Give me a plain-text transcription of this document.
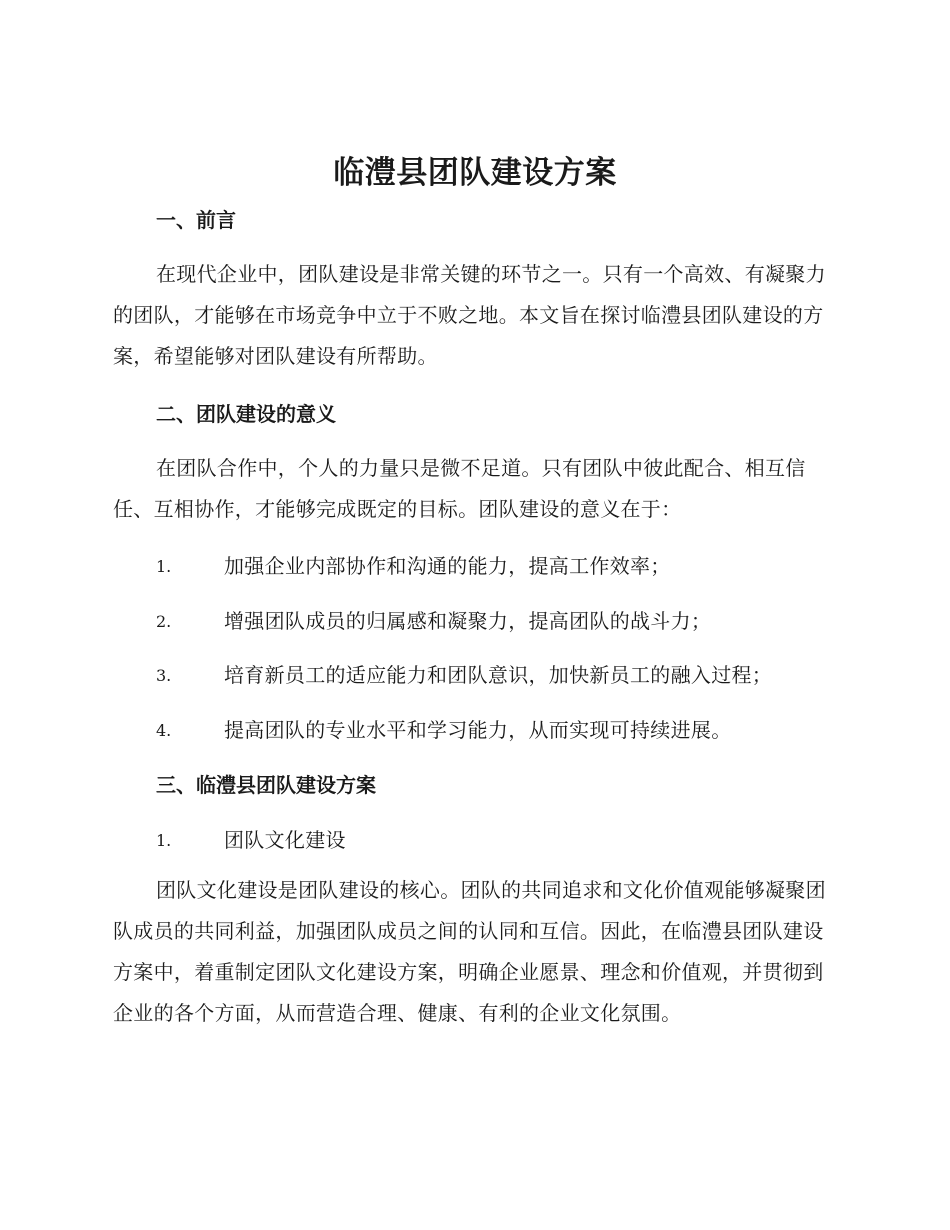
临澧县团队建设方案
一、前言

在现代企业中，团队建设是非常关键的环节之一。只有一个高效、有凝聚力的团队，才能够在市场竞争中立于不败之地。本文旨在探讨临澧县团队建设的方案，希望能够对团队建设有所帮助。

二、团队建设的意义

在团队合作中，个人的力量只是微不足道。只有团队中彼此配合、相互信任、互相协作，才能够完成既定的目标。团队建设的意义在于：

1.	加强企业内部协作和沟通的能力，提高工作效率；
2.	增强团队成员的归属感和凝聚力，提高团队的战斗力；
3.	培育新员工的适应能力和团队意识，加快新员工的融入过程；
4.	提高团队的专业水平和学习能力，从而实现可持续进展。
三、临澧县团队建设方案
1.	团队文化建设

团队文化建设是团队建设的核心。团队的共同追求和文化价值观能够凝聚团队成员的共同利益，加强团队成员之间的认同和互信。因此，在临澧县团队建设方案中，着重制定团队文化建设方案，明确企业愿景、理念和价值观，并贯彻到企业的各个方面，从而营造合理、健康、有利的企业文化氛围。
